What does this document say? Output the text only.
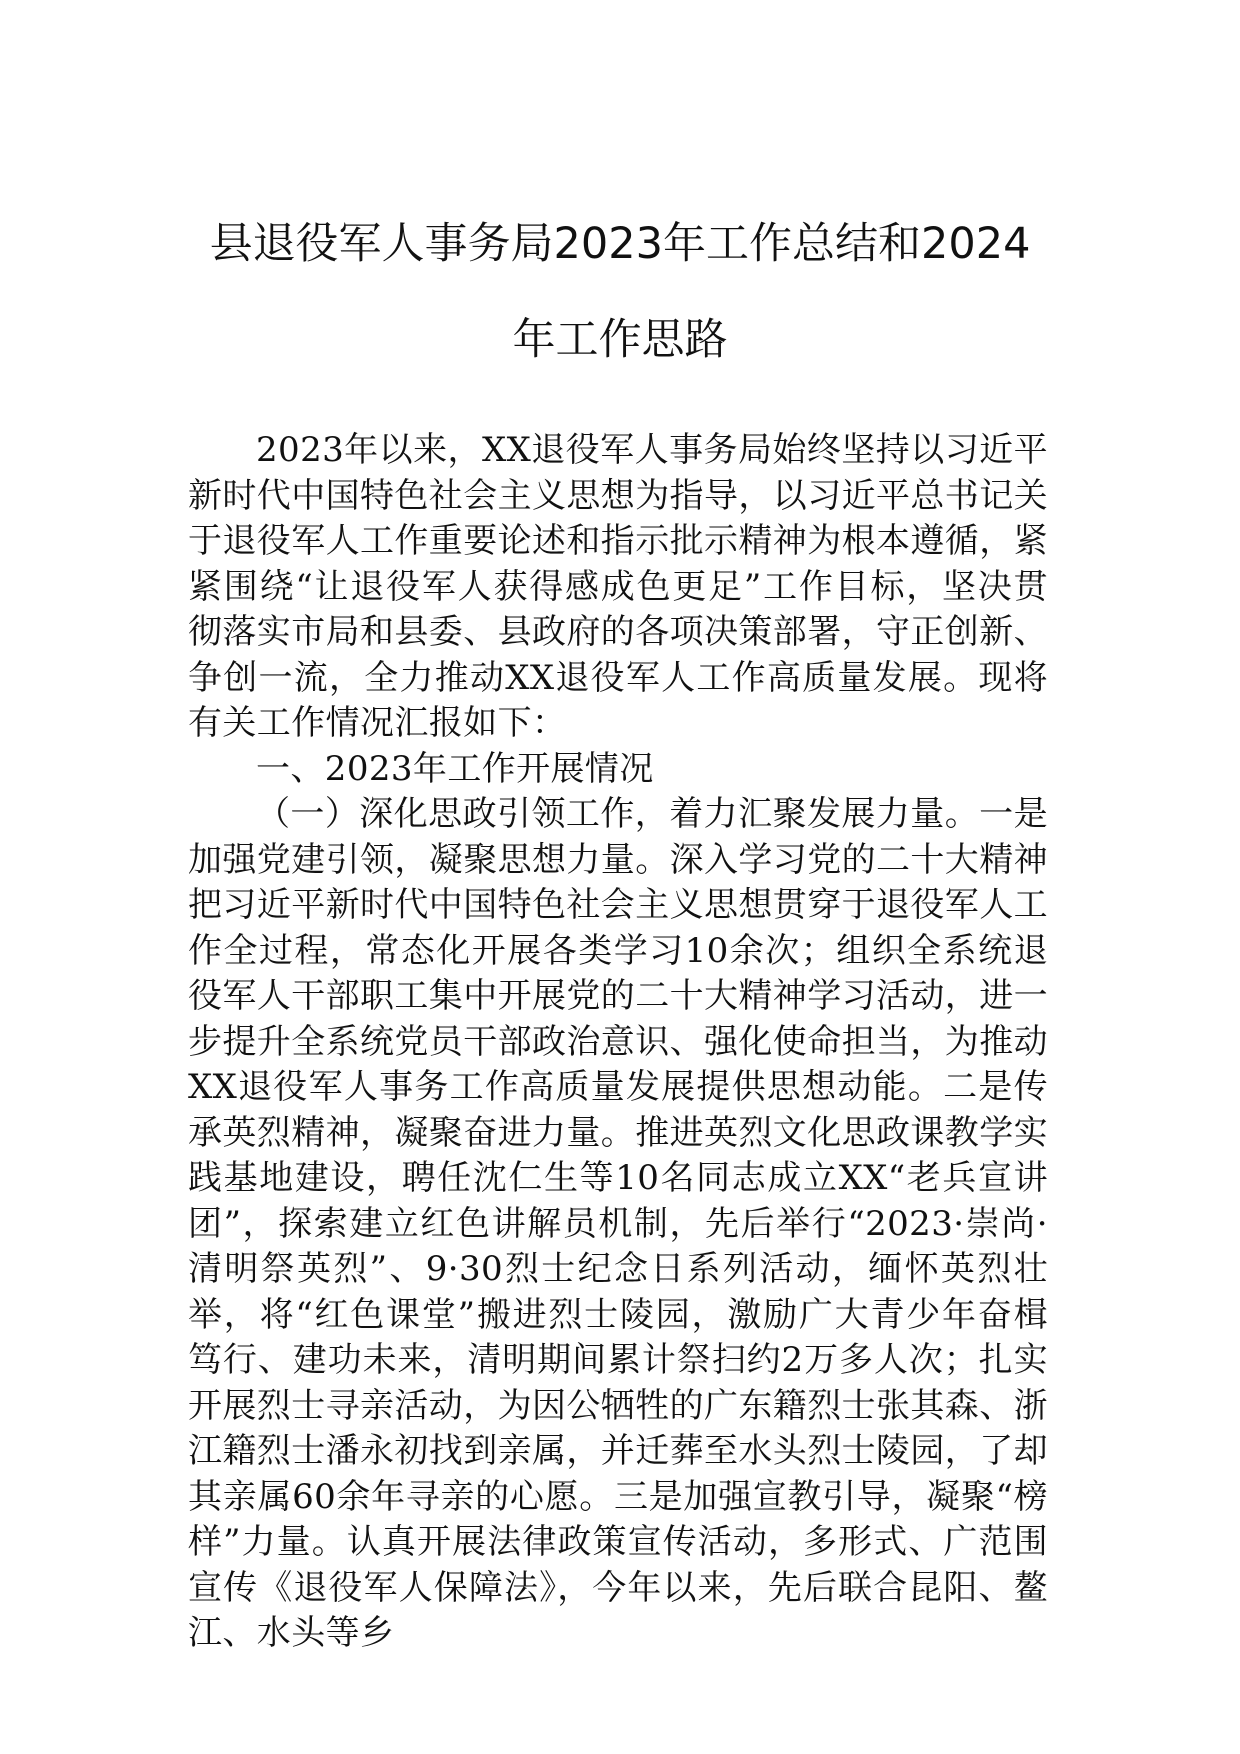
县退役军人事务局2023年工作总结和2024
年工作思路

2023年以来，XX退役军人事务局始终坚持以习近平新时代中国特色社会主义思想为指导，以习近平总书记关于退役军人工作重要论述和指示批示精神为根本遵循，紧紧围绕“让退役军人获得感成色更足”工作目标，坚决贯彻落实市局和县委、县政府的各项决策部署，守正创新、争创一流，全力推动XX退役军人工作高质量发展。现将有关工作情况汇报如下：

一、2023年工作开展情况

（一）深化思政引领工作，着力汇聚发展力量。一是加强党建引领，凝聚思想力量。深入学习党的二十大精神把习近平新时代中国特色社会主义思想贯穿于退役军人工作全过程，常态化开展各类学习10余次；组织全系统退役军人干部职工集中开展党的二十大精神学习活动，进一步提升全系统党员干部政治意识、强化使命担当，为推动XX退役军人事务工作高质量发展提供思想动能。二是传承英烈精神，凝聚奋进力量。推进英烈文化思政课教学实践基地建设，聘任沈仁生等10名同志成立XX“老兵宣讲团”，探索建立红色讲解员机制，先后举行“2023·崇尚·清明祭英烈”、9·30烈士纪念日系列活动，缅怀英烈壮举，将“红色课堂”搬进烈士陵园，激励广大青少年奋楫笃行、建功未来，清明期间累计祭扫约2万多人次；扎实开展烈士寻亲活动，为因公牺牲的广东籍烈士张其森、浙江籍烈士潘永初找到亲属，并迁葬至水头烈士陵园，了却其亲属60余年寻亲的心愿。三是加强宣教引导，凝聚“榜样”力量。认真开展法律政策宣传活动，多形式、广范围宣传《退役军人保障法》，今年以来，先后联合昆阳、鳌江、水头等乡
